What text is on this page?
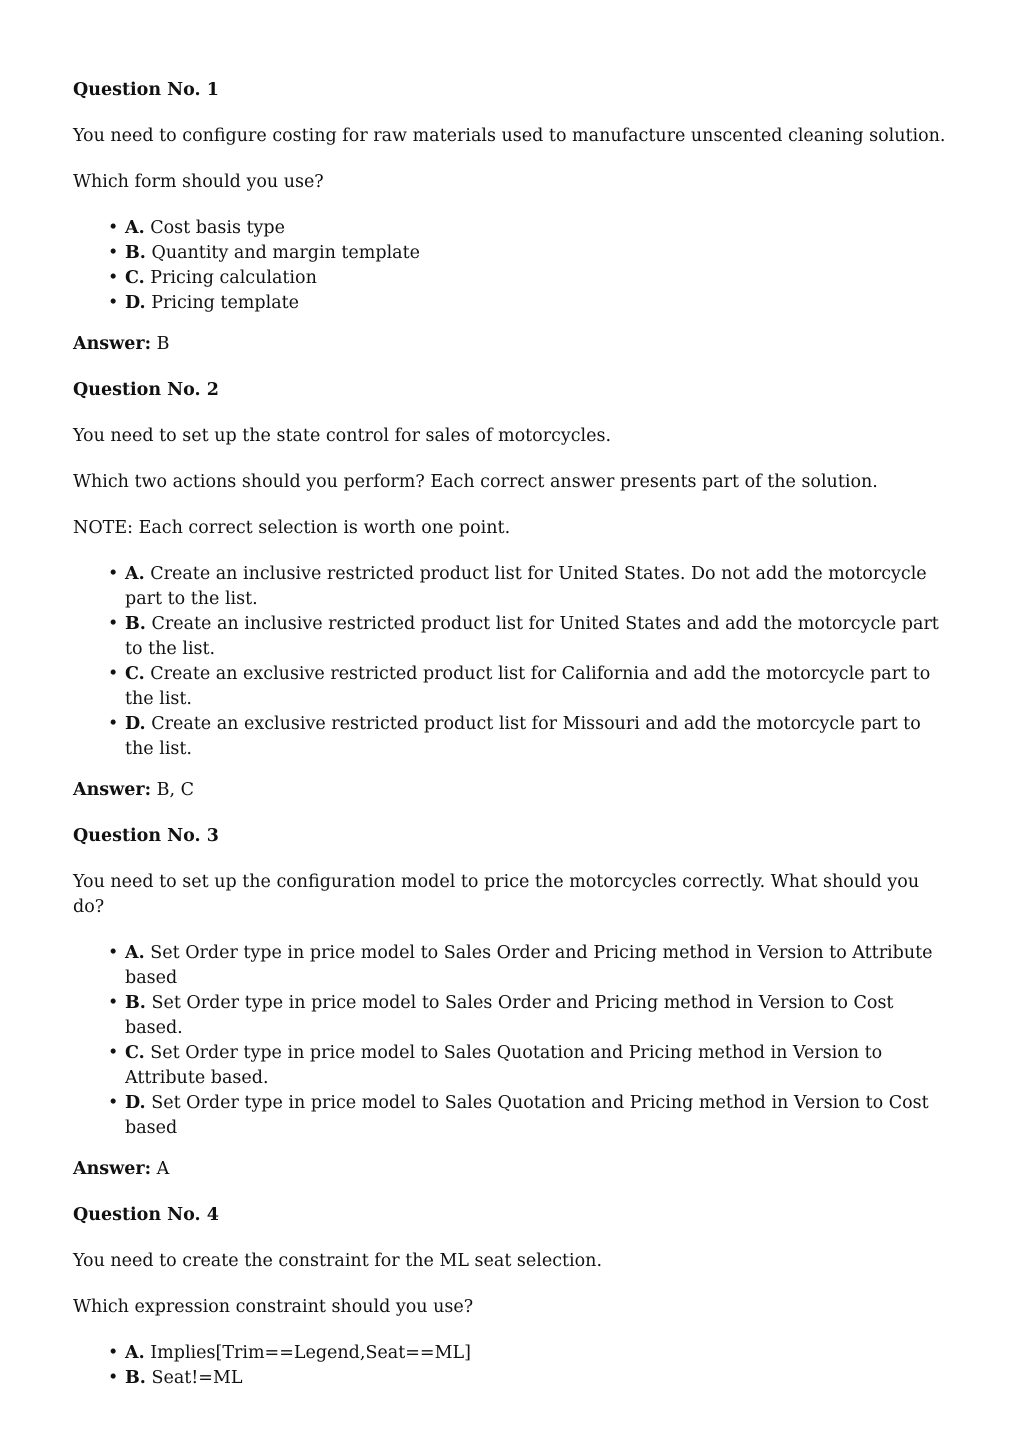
Question No. 1
You need to configure costing for raw materials used to manufacture unscented cleaning solution.
Which form should you use?
• A. Cost basis type
• B. Quantity and margin template
• C. Pricing calculation
• D. Pricing template
Answer: B
Question No. 2
You need to set up the state control for sales of motorcycles.
Which two actions should you perform? Each correct answer presents part of the solution.
NOTE: Each correct selection is worth one point.
• A. Create an inclusive restricted product list for United States. Do not add the motorcycle part to the list.
• B. Create an inclusive restricted product list for United States and add the motorcycle part to the list.
• C. Create an exclusive restricted product list for California and add the motorcycle part to the list.
• D. Create an exclusive restricted product list for Missouri and add the motorcycle part to the list.
Answer: B, C
Question No. 3
You need to set up the configuration model to price the motorcycles correctly. What should you do?
• A. Set Order type in price model to Sales Order and Pricing method in Version to Attribute based
• B. Set Order type in price model to Sales Order and Pricing method in Version to Cost based.
• C. Set Order type in price model to Sales Quotation and Pricing method in Version to Attribute based.
• D. Set Order type in price model to Sales Quotation and Pricing method in Version to Cost based
Answer: A
Question No. 4
You need to create the constraint for the ML seat selection.
Which expression constraint should you use?
• A. Implies[Trim==Legend,Seat==ML]
• B. Seat!=ML
